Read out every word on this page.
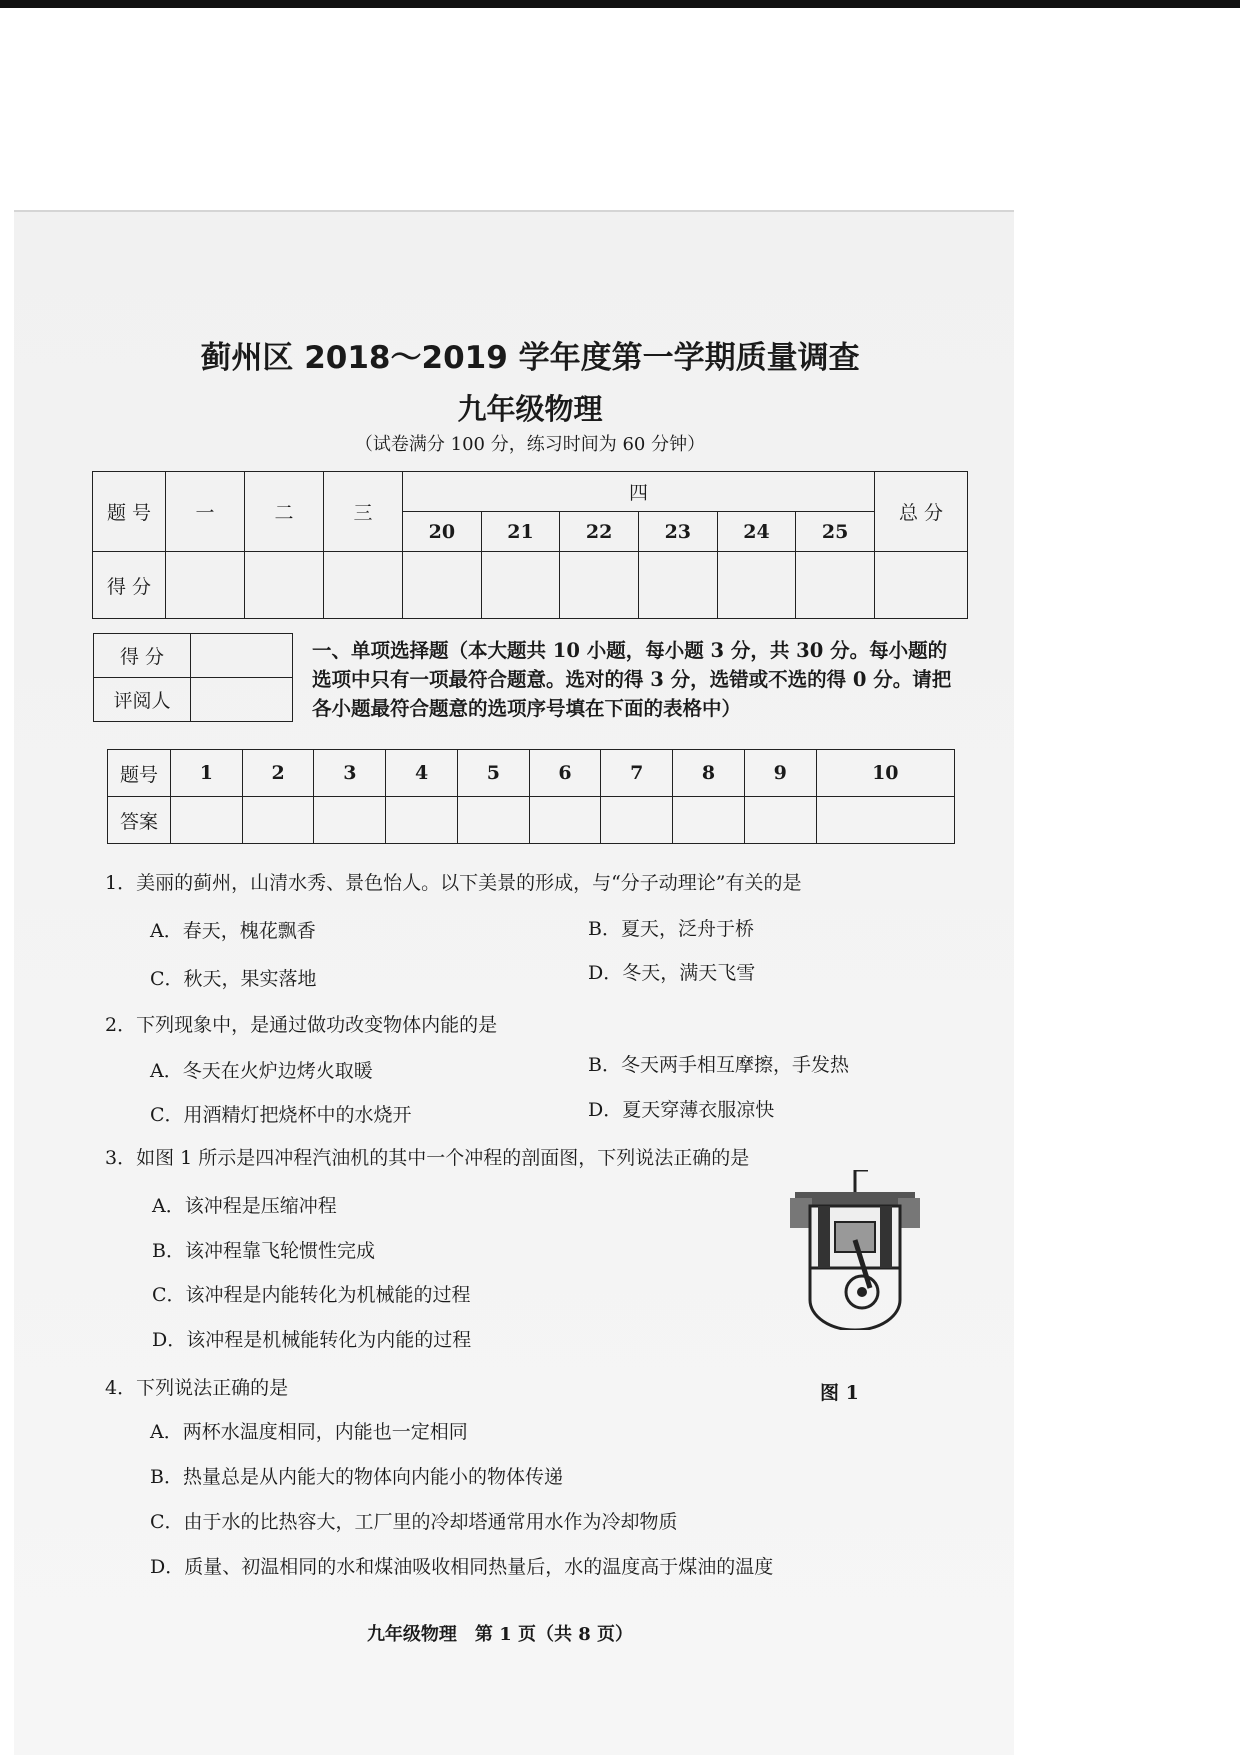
蓟州区 2018～2019 学年度第一学期质量调查
九年级物理
（试卷满分 100 分，练习时间为 60 分钟）
题 号	一	二	三	四						总 分
				20	21	22	23	24	25	
得 分										
得 分	
评阅人	
一、单项选择题（本大题共 10 小题，每小题 3 分，共 30 分。每小题的选项中只有一项最符合题意。选对的得 3 分，选错或不选的得 0 分。请把各小题最符合题意的选项序号填在下面的表格中）
题号	1	2	3	4	5	6	7	8	9	10
答案										
1．美丽的蓟州，山清水秀、景色怡人。以下美景的形成，与“分子动理论”有关的是
A．春天，槐花飘香	B．夏天，泛舟于桥
C．秋天，果实落地	D．冬天，满天飞雪
2．下列现象中，是通过做功改变物体内能的是
A．冬天在火炉边烤火取暖	B．冬天两手相互摩擦，手发热
C．用酒精灯把烧杯中的水烧开	D．夏天穿薄衣服凉快
3．如图 1 所示是四冲程汽油机的其中一个冲程的剖面图，下列说法正确的是
A．该冲程是压缩冲程
B．该冲程靠飞轮惯性完成
C．该冲程是内能转化为机械能的过程
D．该冲程是机械能转化为内能的过程
图 1
4．下列说法正确的是
A．两杯水温度相同，内能也一定相同
B．热量总是从内能大的物体向内能小的物体传递
C．由于水的比热容大，工厂里的冷却塔通常用水作为冷却物质
D．质量、初温相同的水和煤油吸收相同热量后，水的温度高于煤油的温度
九年级物理　第 1 页（共 8 页）
